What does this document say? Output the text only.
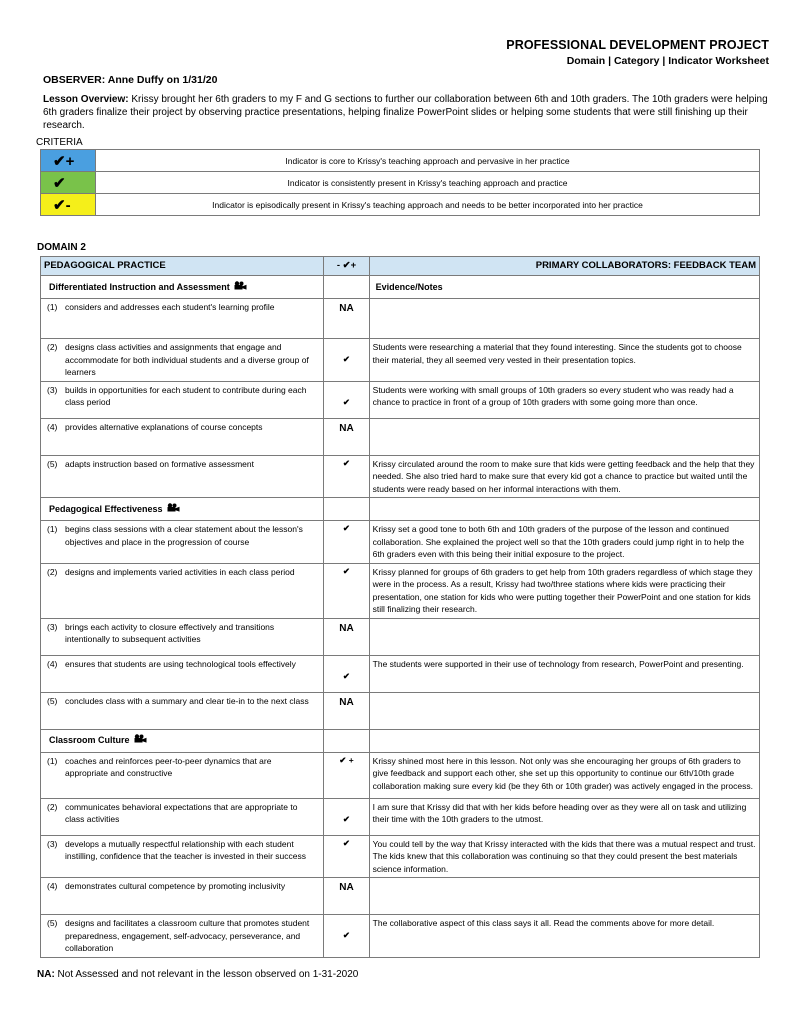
PROFESSIONAL DEVELOPMENT PROJECT
Domain | Category | Indicator Worksheet
OBSERVER: Anne Duffy on 1/31/20
Lesson Overview: Krissy brought her 6th graders to my F and G sections to further our collaboration between 6th and 10th graders. The 10th graders were helping 6th graders finalize their project by observing practice presentations, helping finalize PowerPoint slides or helping some students that were still finishing up their research.
CRITERIA
✔+	Indicator is core to Krissy's teaching approach and pervasive in her practice
✔	Indicator is consistently present in Krissy's teaching approach and practice
✔-	Indicator is episodically present in Krissy's teaching approach and needs to be better incorporated into her practice
DOMAIN 2
PEDAGOGICAL PRACTICE	- ✔+	PRIMARY COLLABORATORS: FEEDBACK TEAM
Differentiated Instruction and Assessment		Evidence/Notes
(1) considers and addresses each student's learning profile	NA	
(2) designs class activities and assignments that engage and accommodate for both individual students and a diverse group of learners	✔	Students were researching a material that they found interesting. Since the students got to choose their material, they all seemed very vested in their presentation topics.
(3) builds in opportunities for each student to contribute during each class period	✔	Students were working with small groups of 10th graders so every student who was ready had a chance to practice in front of a group of 10th graders with some going more than once.
(4) provides alternative explanations of course concepts	NA	
(5) adapts instruction based on formative assessment	✔	Krissy circulated around the room to make sure that kids were getting feedback and the help that they needed. She also tried hard to make sure that every kid got a chance to practice but waited until the students were ready based on her informal interactions with them.
Pedagogical Effectiveness		
(1) begins class sessions with a clear statement about the lesson's objectives and place in the progression of course	✔	Krissy set a good tone to both 6th and 10th graders of the purpose of the lesson and continued collaboration. She explained the project well so that the 10th graders could jump right in to help the 6th graders even with this being their initial exposure to the project.
(2) designs and implements varied activities in each class period	✔	Krissy planned for groups of 6th graders to get help from 10th graders regardless of which stage they were in the process. As a result, Krissy had two/three stations where kids were practicing their presentation, one station for kids who were putting together their PowerPoint and one station for kids still finalizing their research.
(3) brings each activity to closure effectively and transitions intentionally to subsequent activities	NA	
(4) ensures that students are using technological tools effectively	✔	The students were supported in their use of technology from research, PowerPoint and presenting.
(5) concludes class with a summary and clear tie-in to the next class	NA	
Classroom Culture		
(1) coaches and reinforces peer-to-peer dynamics that are appropriate and constructive	✔ +	Krissy shined most here in this lesson. Not only was she encouraging her groups of 6th graders to give feedback and support each other, she set up this opportunity to continue our 6th/10th grade collaboration making sure every kid (be they 6th or 10th grader) was actively engaged in the process.
(2) communicates behavioral expectations that are appropriate to class activities	✔	I am sure that Krissy did that with her kids before heading over as they were all on task and utilizing their time with the 10th graders to the utmost.
(3) develops a mutually respectful relationship with each student instilling, confidence that the teacher is invested in their success	✔	You could tell by the way that Krissy interacted with the kids that there was a mutual respect and trust. The kids knew that this collaboration was continuing so that they could present the best materials science information.
(4) demonstrates cultural competence by promoting inclusivity	NA	
(5) designs and facilitates a classroom culture that promotes student preparedness, engagement, self-advocacy, perseverance, and collaboration	✔	The collaborative aspect of this class says it all. Read the comments above for more detail.
NA: Not Assessed and not relevant in the lesson observed on 1-31-2020
